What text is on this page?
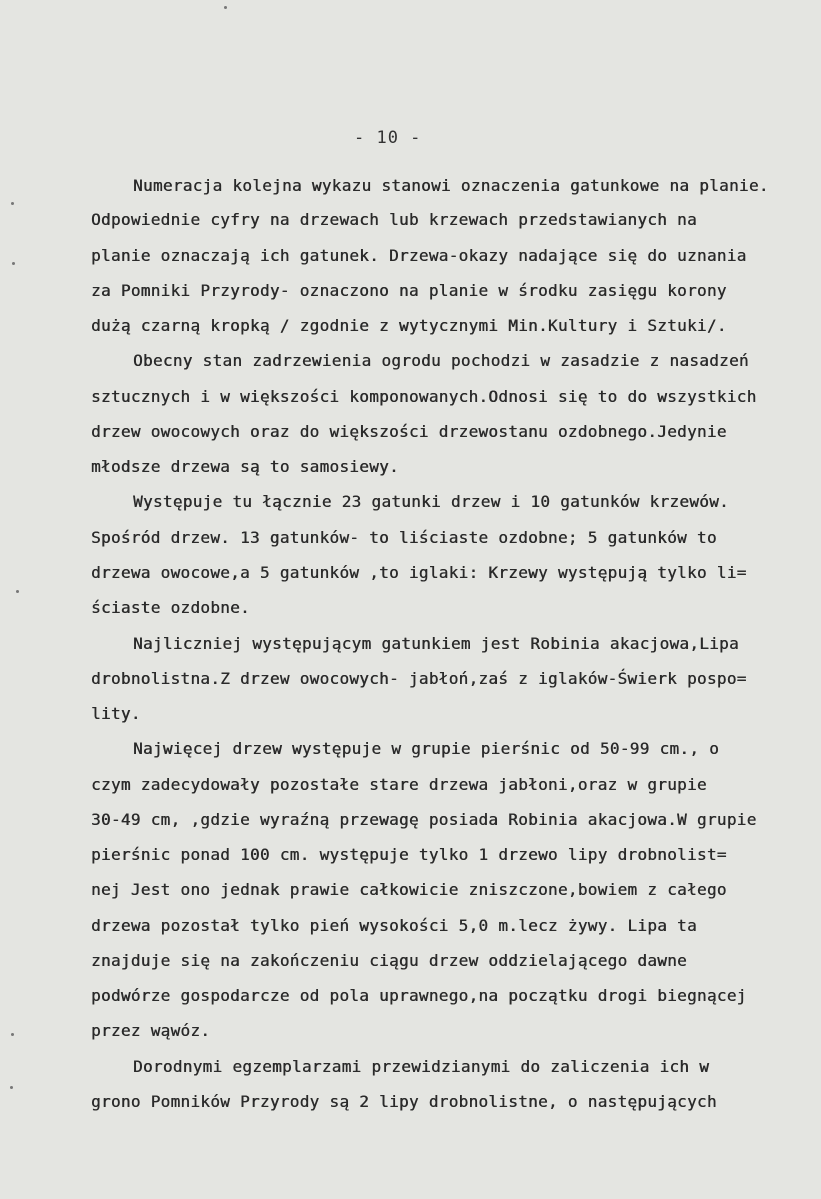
- 10 -
Numeracja kolejna wykazu stanowi oznaczenia gatunkowe na planie.
Odpowiednie cyfry na drzewach lub krzewach przedstawianych na
planie oznaczają ich gatunek. Drzewa-okazy nadające się do uznania
za Pomniki Przyrody- oznaczono na planie w środku zasięgu korony
dużą czarną kropką / zgodnie z wytycznymi Min.Kultury i Sztuki/.
Obecny stan zadrzewienia ogrodu pochodzi w zasadzie z nasadzeń
sztucznych i w większości komponowanych.Odnosi się to do wszystkich
drzew owocowych oraz do większości drzewostanu ozdobnego.Jedynie
młodsze drzewa są to samosiewy.
Występuje tu łącznie 23 gatunki drzew i 10 gatunków krzewów.
Spośród drzew. 13 gatunków- to liściaste ozdobne; 5 gatunków to
drzewa owocowe,a 5 gatunków ,to iglaki: Krzewy występują tylko li=
ściaste ozdobne.
Najliczniej występującym gatunkiem jest Robinia akacjowa,Lipa
drobnolistna.Z drzew owocowych- jabłoń,zaś z iglaków-Świerk pospo=
lity.
Najwięcej drzew występuje w grupie pierśnic od 50-99 cm., o
czym zadecydowały pozostałe stare drzewa jabłoni,oraz w grupie
30-49 cm, ,gdzie wyraźną przewagę posiada Robinia akacjowa.W grupie
pierśnic ponad 100 cm. występuje tylko 1 drzewo lipy drobnolist=
nej Jest ono jednak prawie całkowicie zniszczone,bowiem z całego
drzewa pozostał tylko pień wysokości 5,0 m.lecz żywy. Lipa ta
znajduje się na zakończeniu ciągu drzew oddzielającego dawne
podwórze gospodarcze od pola uprawnego,na początku drogi biegnącej
przez wąwóz.
Dorodnymi egzemplarzami przewidzianymi do zaliczenia ich w
grono Pomników Przyrody są 2 lipy drobnolistne, o następujących
